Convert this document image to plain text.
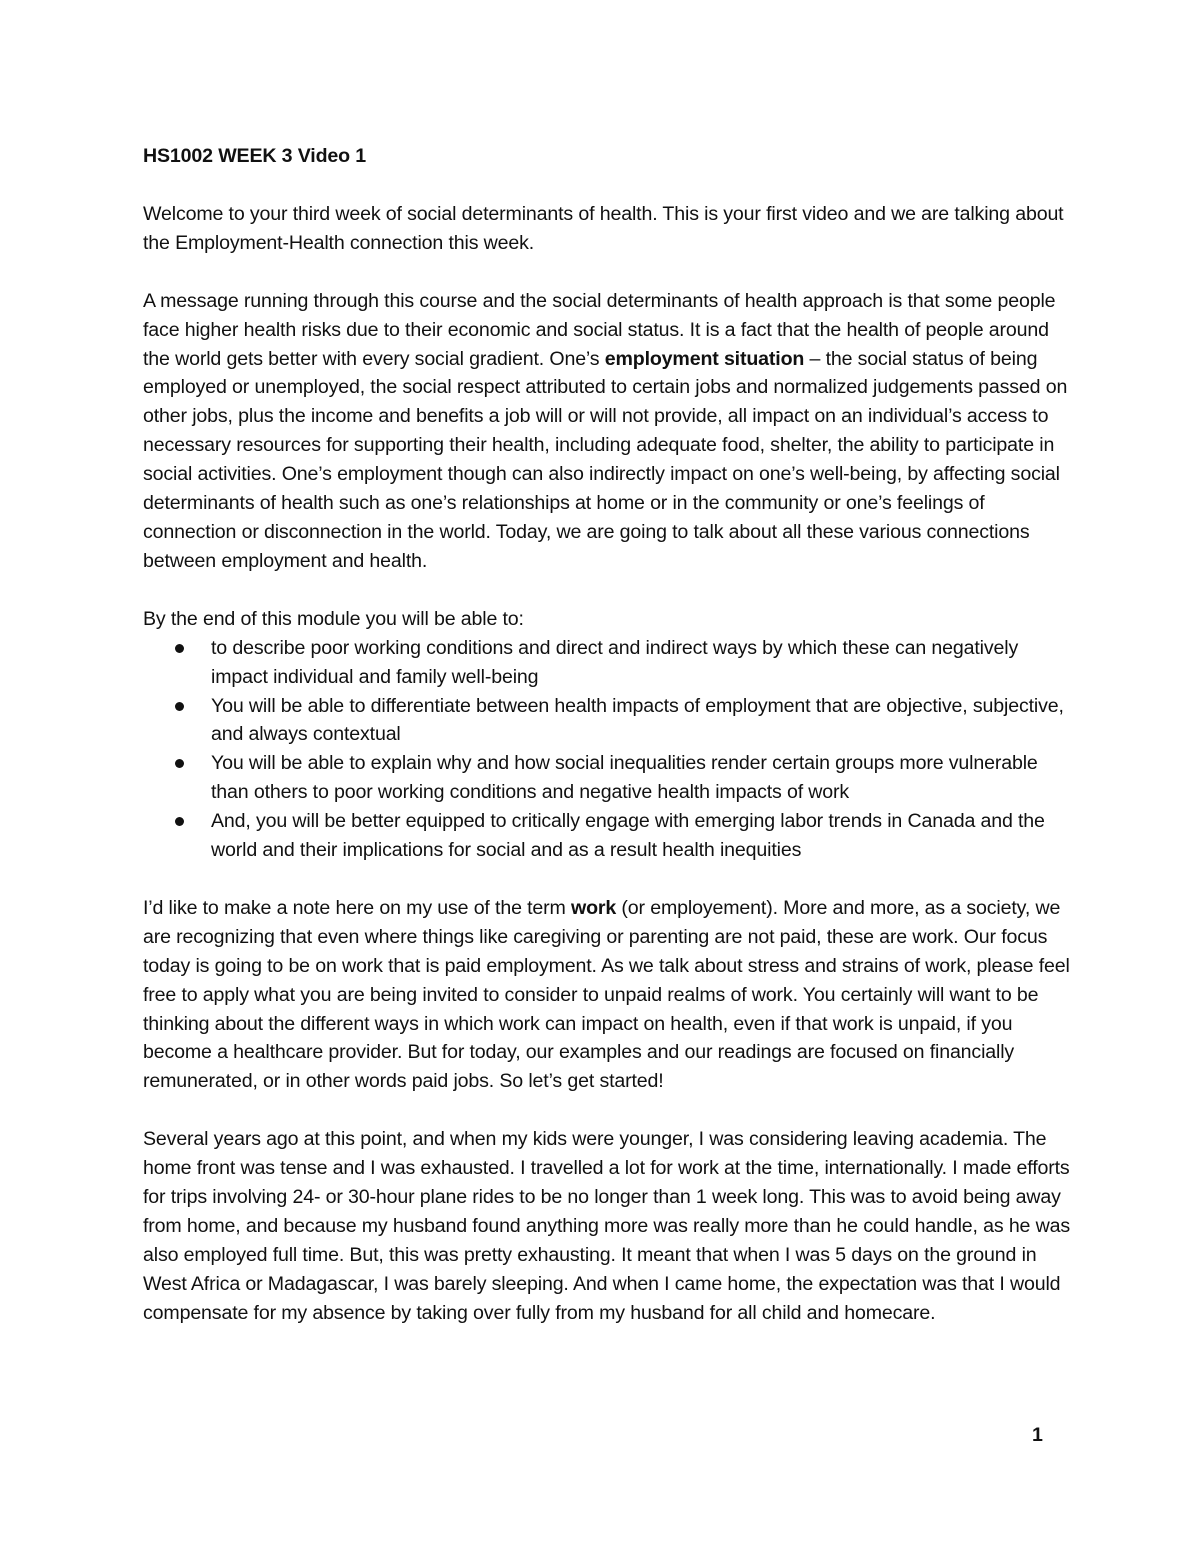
HS1002 WEEK 3 Video 1

Welcome to your third week of social determinants of health. This is your first video and we are talking about the Employment-Health connection this week.

A message running through this course and the social determinants of health approach is that some people face higher health risks due to their economic and social status. It is a fact that the health of people around the world gets better with every social gradient. One’s employment situation – the social status of being employed or unemployed, the social respect attributed to certain jobs and normalized judgements passed on other jobs, plus the income and benefits a job will or will not provide, all impact on an individual’s access to necessary resources for supporting their health, including adequate food, shelter, the ability to participate in social activities. One’s employment though can also indirectly impact on one’s well-being, by affecting social determinants of health such as one’s relationships at home or in the community or one’s feelings of connection or disconnection in the world. Today, we are going to talk about all these various connections between employment and health.

By the end of this module you will be able to:
to describe poor working conditions and direct and indirect ways by which these can negatively impact individual and family well-being
You will be able to differentiate between health impacts of employment that are objective, subjective, and always contextual
You will be able to explain why and how social inequalities render certain groups more vulnerable than others to poor working conditions and negative health impacts of work
And, you will be better equipped to critically engage with emerging labor trends in Canada and the world and their implications for social and as a result health inequities

I’d like to make a note here on my use of the term work (or employement). More and more, as a society, we are recognizing that even where things like caregiving or parenting are not paid, these are work. Our focus today is going to be on work that is paid employment. As we talk about stress and strains of work, please feel free to apply what you are being invited to consider to unpaid realms of work. You certainly will want to be thinking about the different ways in which work can impact on health, even if that work is unpaid, if you become a healthcare provider. But for today, our examples and our readings are focused on financially remunerated, or in other words paid jobs. So let’s get started!

Several years ago at this point, and when my kids were younger, I was considering leaving academia. The home front was tense and I was exhausted. I travelled a lot for work at the time, internationally. I made efforts for trips involving 24- or 30-hour plane rides to be no longer than 1 week long. This was to avoid being away from home, and because my husband found anything more was really more than he could handle, as he was also employed full time. But, this was pretty exhausting. It meant that when I was 5 days on the ground in West Africa or Madagascar, I was barely sleeping. And when I came home, the expectation was that I would compensate for my absence by taking over fully from my husband for all child and homecare.

1
